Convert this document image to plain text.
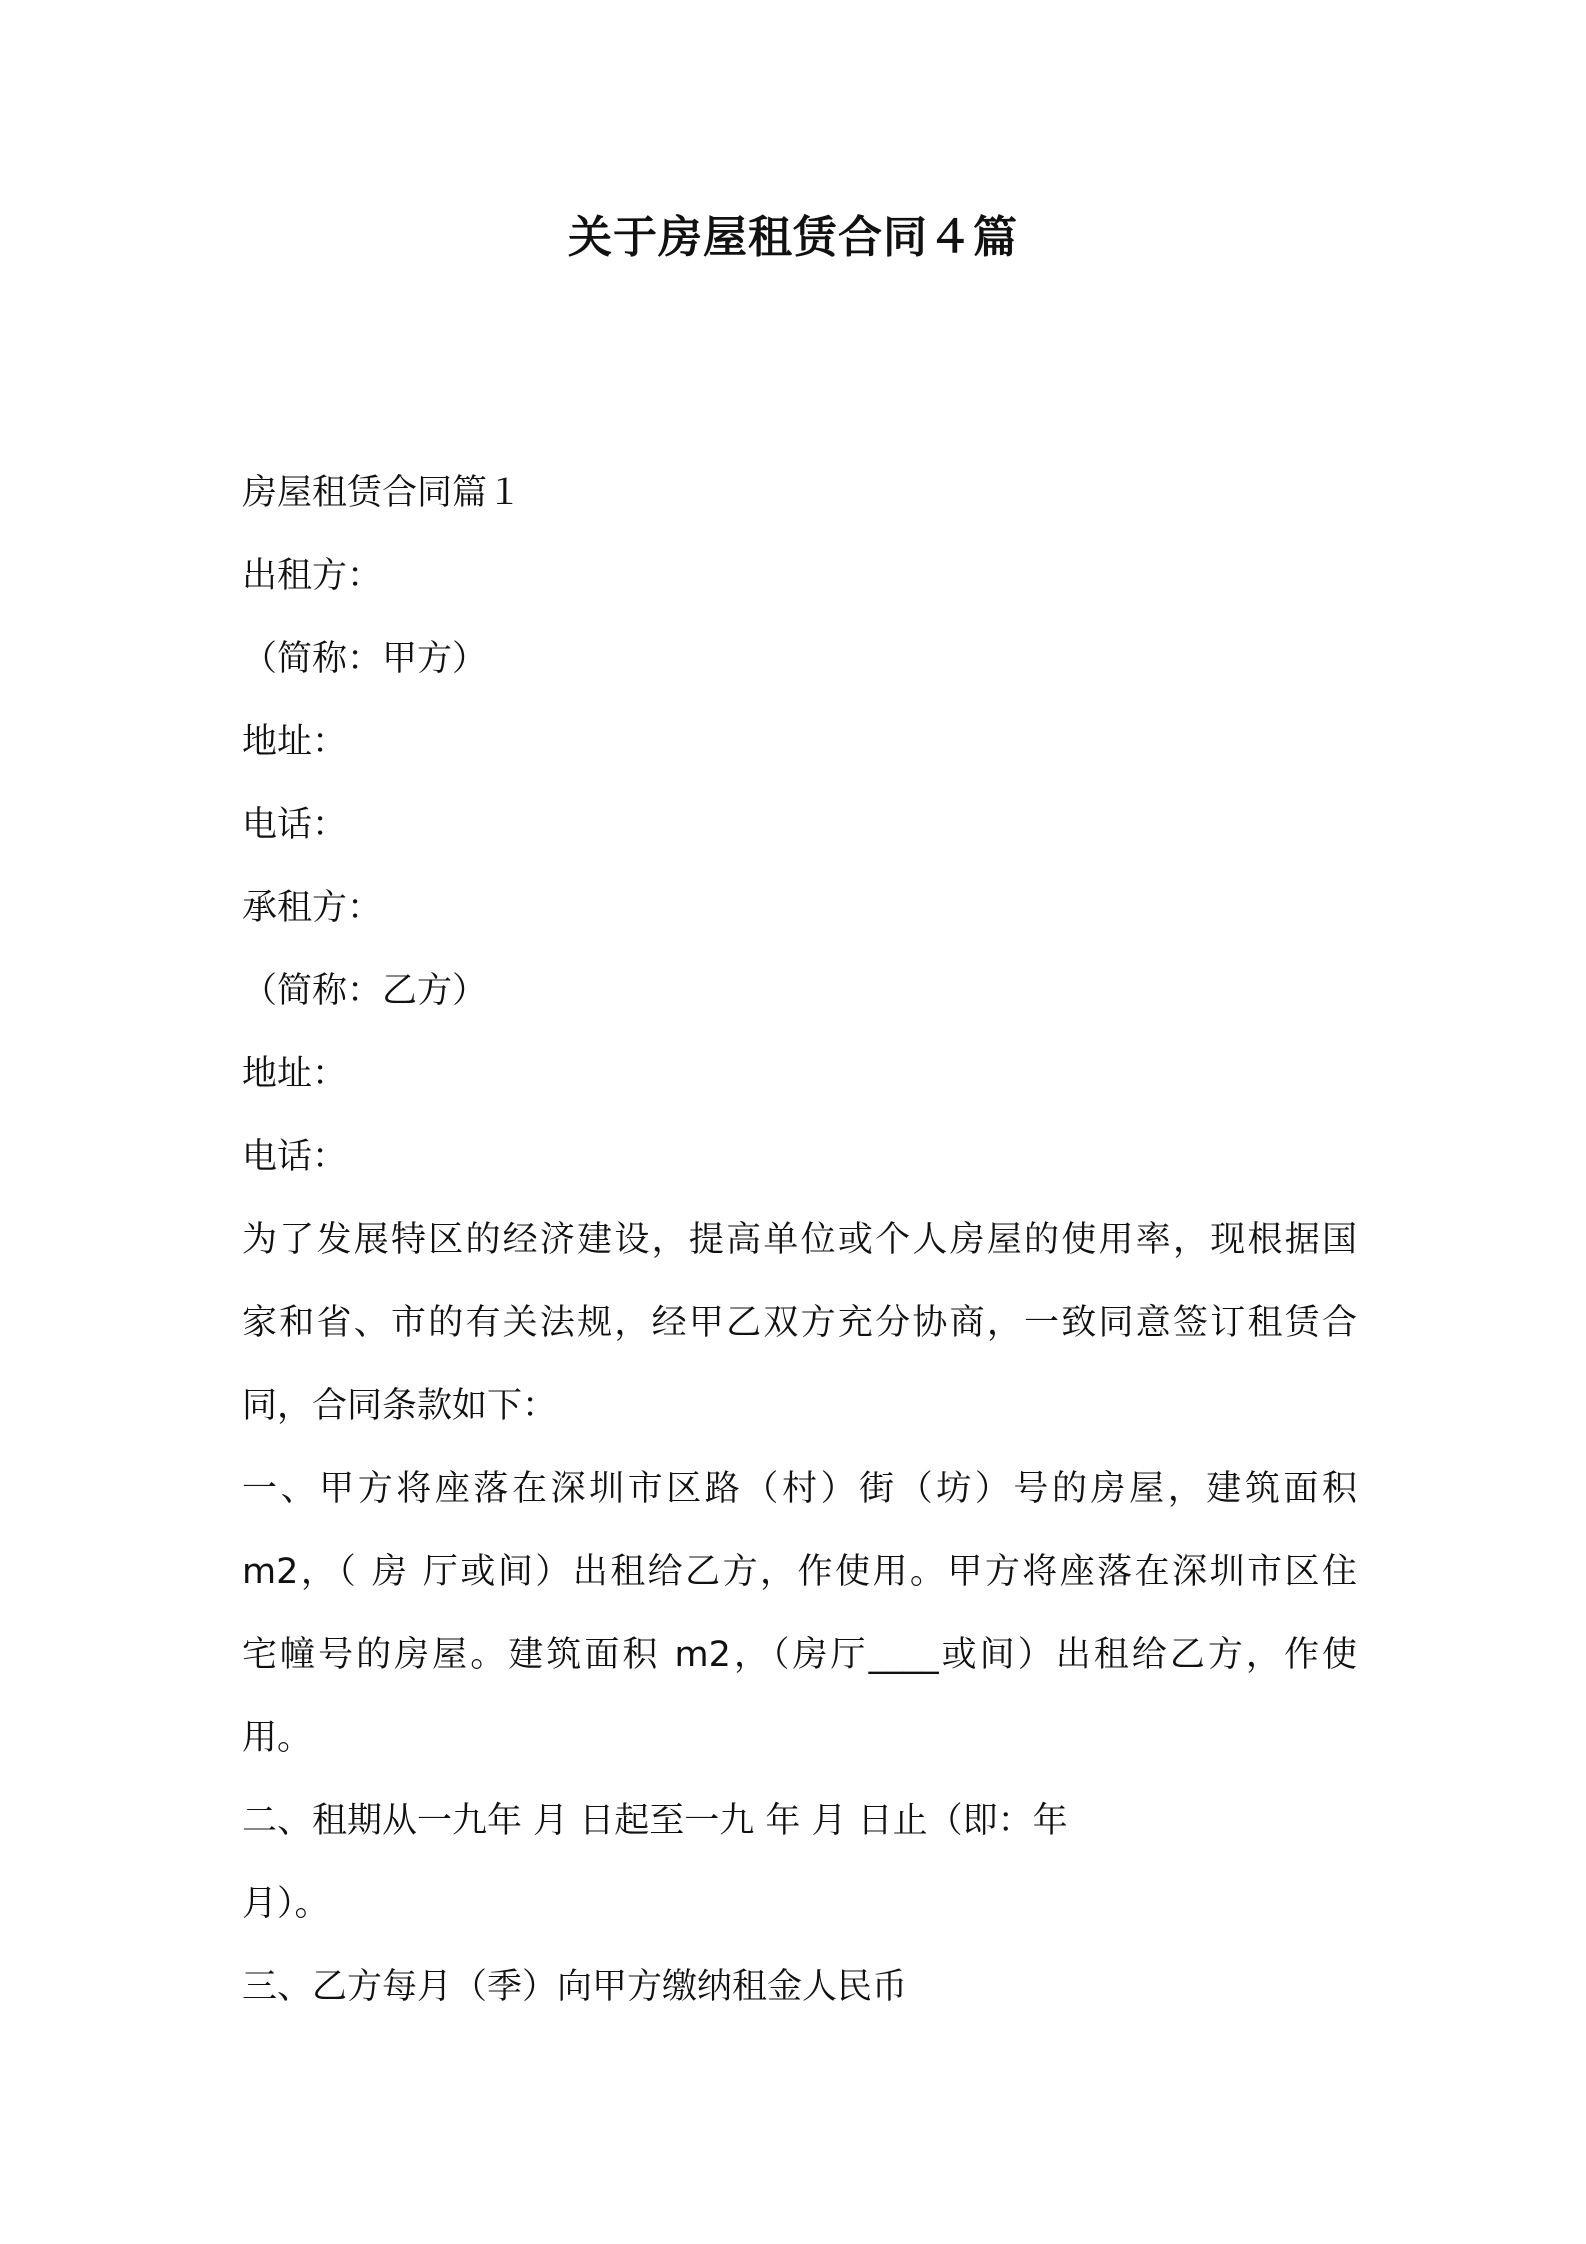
关于房屋租赁合同４篇

房屋租赁合同篇１

出租方：

（简称：甲方）

地址：

电话：

承租方：

（简称：乙方）

地址：

电话：

为了发展特区的经济建设，提高单位或个人房屋的使用率，现根据国

家和省、市的有关法规，经甲乙双方充分协商，一致同意签订租赁合

同，合同条款如下：

一、甲方将座落在深圳市区路（村）街（坊）号的房屋，建筑面积

m2，（ 房 厅或间）出租给乙方，作使用。甲方将座落在深圳市区住

宅幢号的房屋。建筑面积 m2，（房厅____或间）出租给乙方，作使

用。

二、租期从一九年 月 日起至一九 年 月 日止（即：年

月）。

三、乙方每月（季）向甲方缴纳租金人民币
